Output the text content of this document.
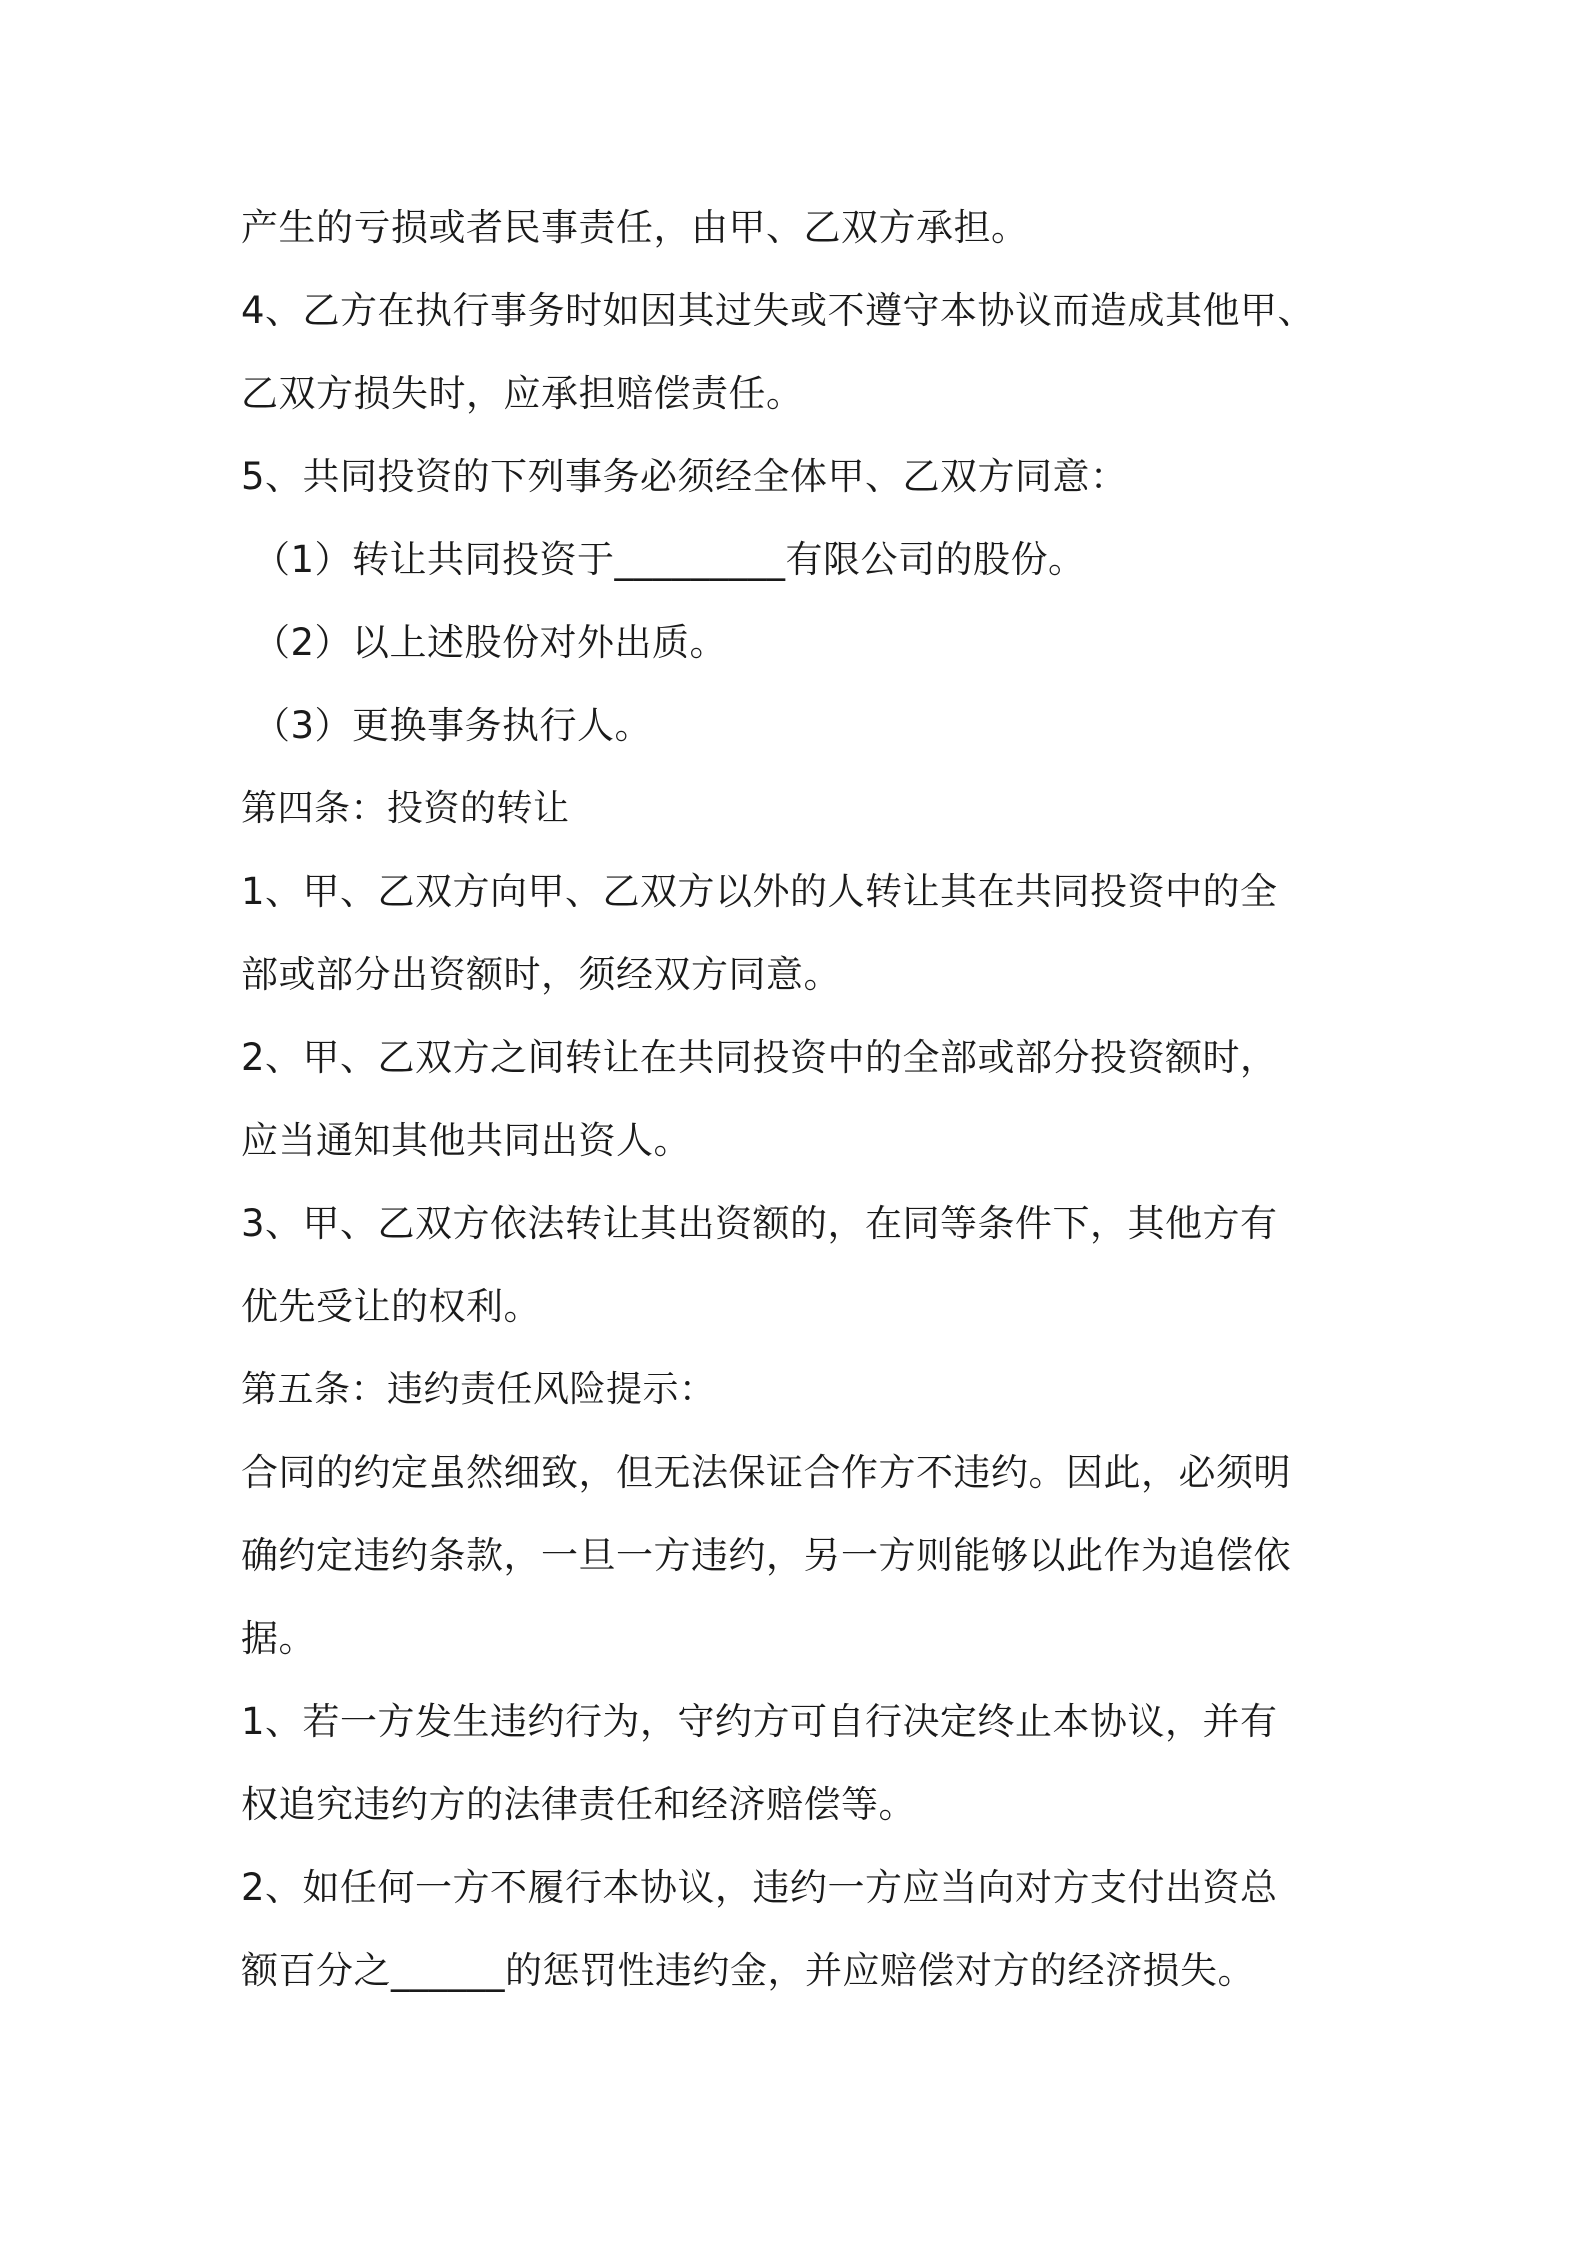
产生的亏损或者民事责任，由甲、乙双方承担。
4、乙方在执行事务时如因其过失或不遵守本协议而造成其他甲、
乙双方损失时，应承担赔偿责任。
5、共同投资的下列事务必须经全体甲、乙双方同意：
（1）转让共同投资于_________有限公司的股份。
（2）以上述股份对外出质。
（3）更换事务执行人。
第四条：投资的转让
1、甲、乙双方向甲、乙双方以外的人转让其在共同投资中的全
部或部分出资额时，须经双方同意。
2、甲、乙双方之间转让在共同投资中的全部或部分投资额时，
应当通知其他共同出资人。
3、甲、乙双方依法转让其出资额的，在同等条件下，其他方有
优先受让的权利。
第五条：违约责任风险提示：
合同的约定虽然细致，但无法保证合作方不违约。因此，必须明
确约定违约条款，一旦一方违约，另一方则能够以此作为追偿依
据。
1、若一方发生违约行为，守约方可自行决定终止本协议，并有
权追究违约方的法律责任和经济赔偿等。
2、如任何一方不履行本协议，违约一方应当向对方支付出资总
额百分之______的惩罚性违约金，并应赔偿对方的经济损失。
